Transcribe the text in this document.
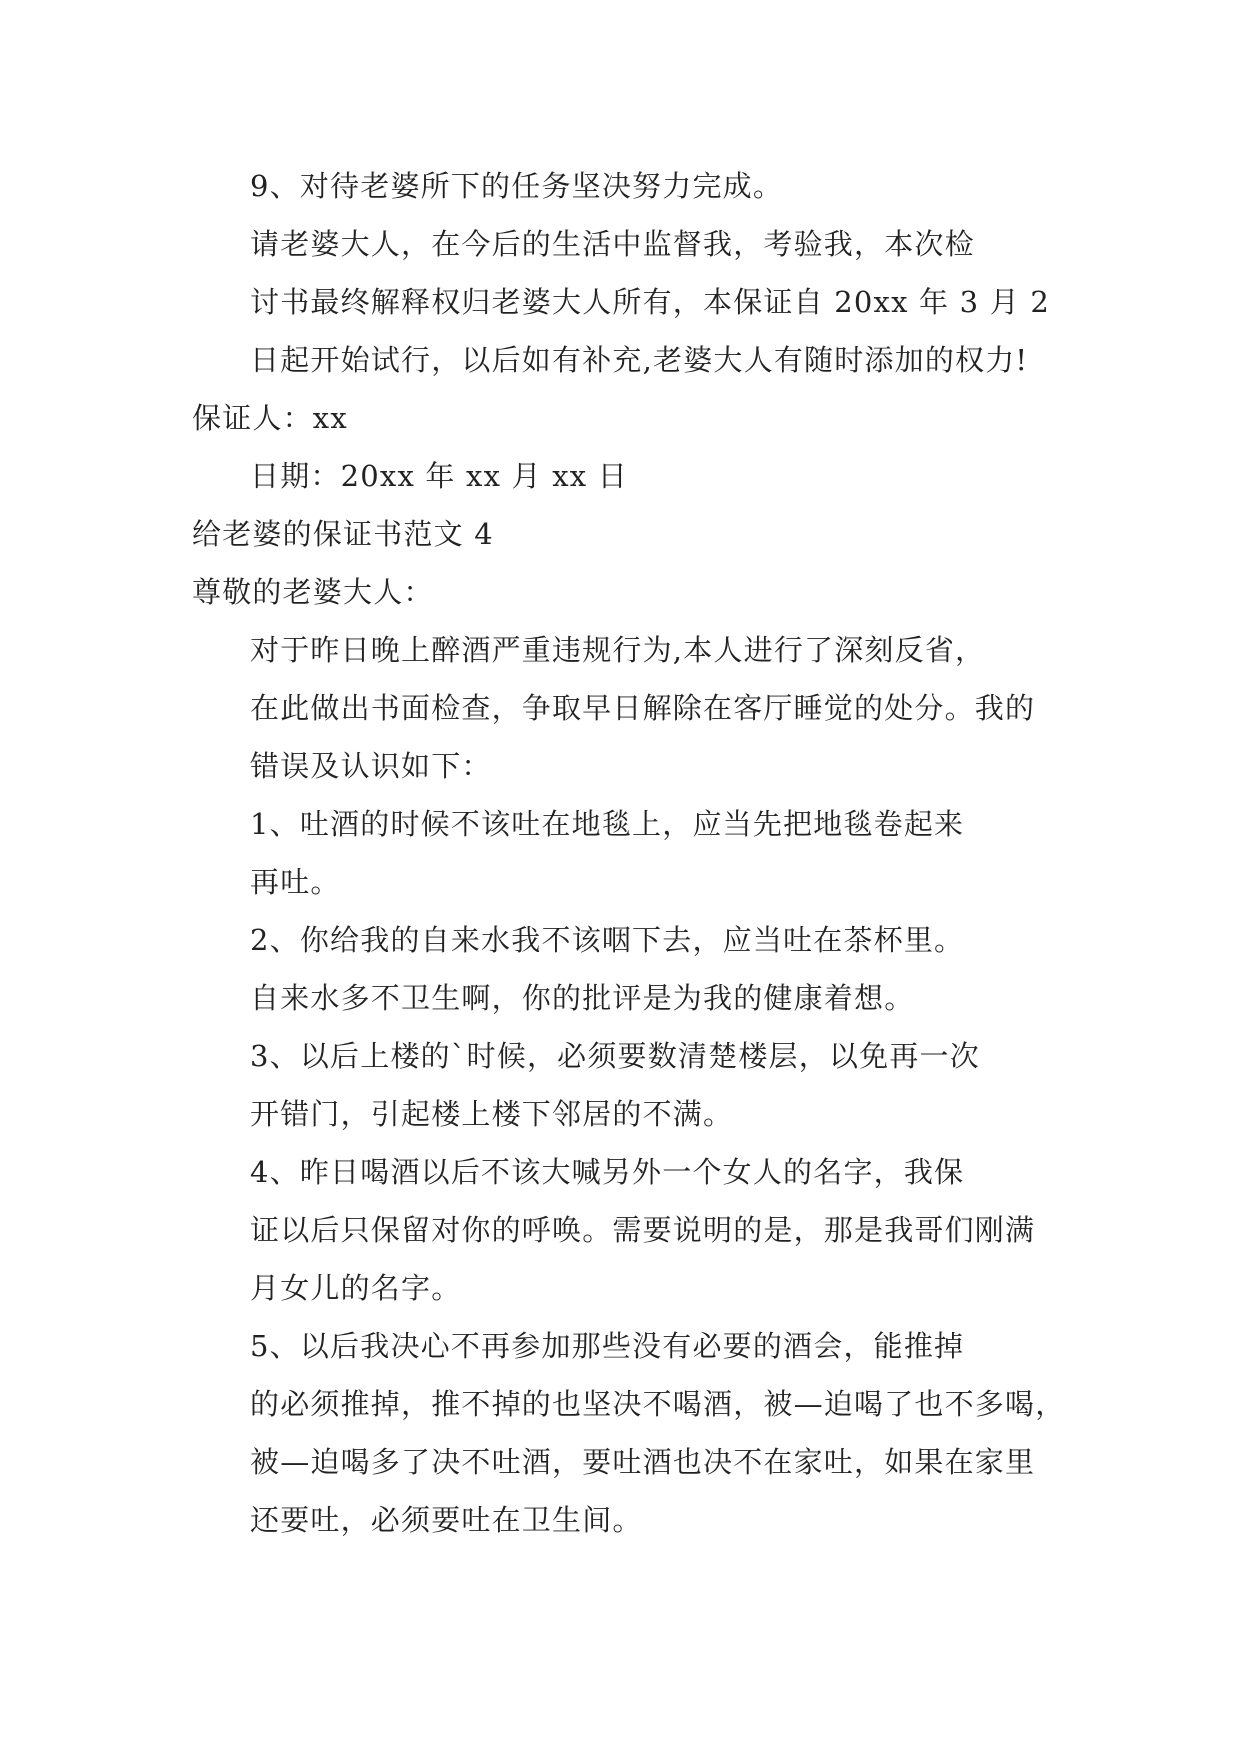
9、对待老婆所下的任务坚决努力完成。
请老婆大人，在今后的生活中监督我，考验我，本次检
讨书最终解释权归老婆大人所有，本保证自 20xx 年 3 月 2
日起开始试行，以后如有补充,老婆大人有随时添加的权力!
保证人：xx
日期：20xx 年 xx 月 xx 日
给老婆的保证书范文 4
尊敬的老婆大人：
对于昨日晚上醉酒严重违规行为,本人进行了深刻反省，
在此做出书面检查，争取早日解除在客厅睡觉的处分。我的
错误及认识如下：
1、吐酒的时候不该吐在地毯上，应当先把地毯卷起来
再吐。
2、你给我的自来水我不该咽下去，应当吐在茶杯里。
自来水多不卫生啊，你的批评是为我的健康着想。
3、以后上楼的`时候，必须要数清楚楼层，以免再一次
开错门，引起楼上楼下邻居的不满。
4、昨日喝酒以后不该大喊另外一个女人的名字，我保
证以后只保留对你的呼唤。需要说明的是，那是我哥们刚满
月女儿的名字。
5、以后我决心不再参加那些没有必要的酒会，能推掉
的必须推掉，推不掉的也坚决不喝酒，被—迫喝了也不多喝，
被—迫喝多了决不吐酒，要吐酒也决不在家吐，如果在家里
还要吐，必须要吐在卫生间。
